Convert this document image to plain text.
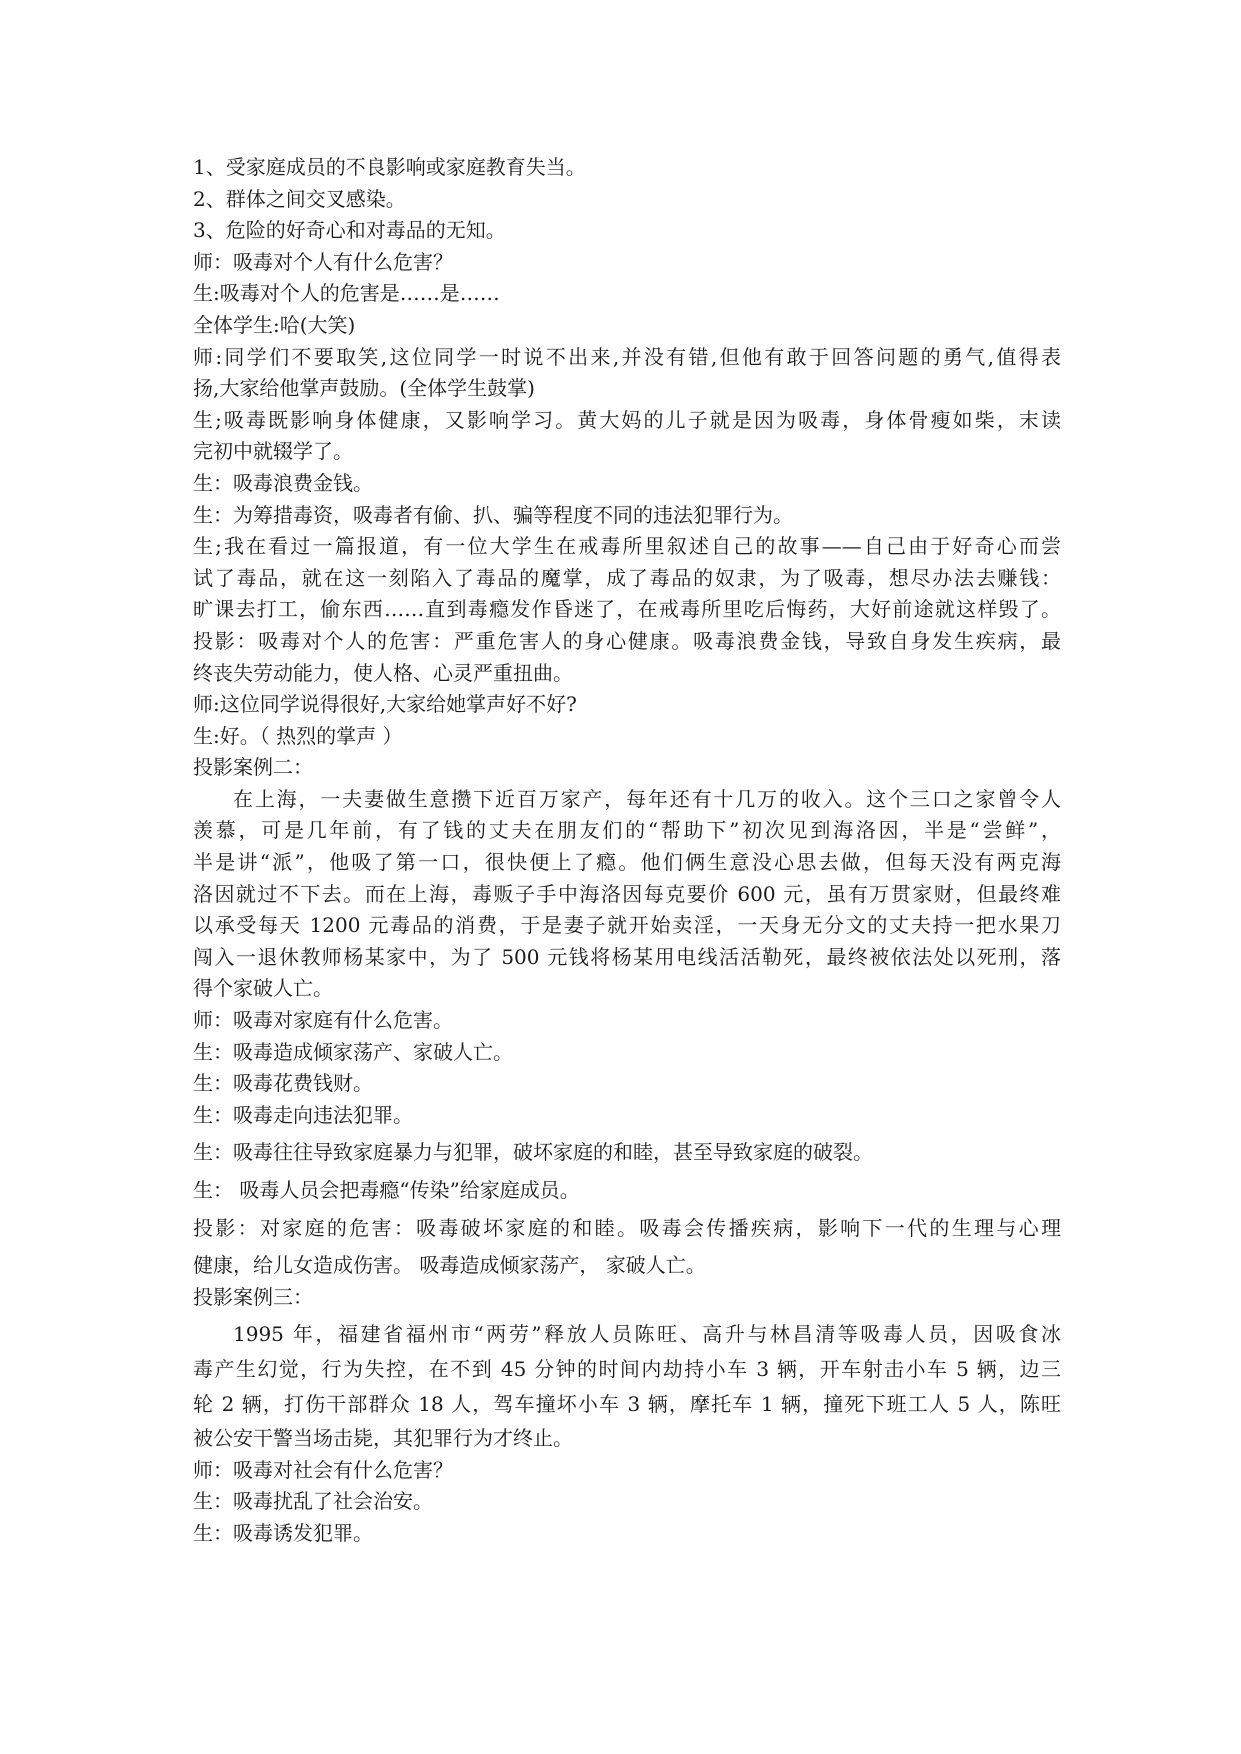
1、受家庭成员的不良影响或家庭教育失当。

2、群体之间交叉感染。

3、危险的好奇心和对毒品的无知。

师：吸毒对个人有什么危害？

生:吸毒对个人的危害是……是……

全体学生:哈(大笑)

师:同学们不要取笑,这位同学一时说不出来,并没有错,但他有敢于回答问题的勇气,值得表

扬,大家给他掌声鼓励。(全体学生鼓掌)

生;吸毒既影响身体健康，又影响学习。黄大妈的儿子就是因为吸毒，身体骨瘦如柴，末读

完初中就辍学了。

生：吸毒浪费金钱。

生：为筹措毒资，吸毒者有偷、扒、骗等程度不同的违法犯罪行为。

生;我在看过一篇报道，有一位大学生在戒毒所里叙述自己的故事——自己由于好奇心而尝

试了毒品，就在这一刻陷入了毒品的魔掌，成了毒品的奴隶，为了吸毒，想尽办法去赚钱：

旷课去打工，偷东西……直到毒瘾发作昏迷了，在戒毒所里吃后悔药，大好前途就这样毁了。

投影：吸毒对个人的危害：严重危害人的身心健康。吸毒浪费金钱，导致自身发生疾病，最

终丧失劳动能力，使人格、心灵严重扭曲。

师:这位同学说得很好,大家给她掌声好不好?

生:好。（ 热烈的掌声 ）

投影案例二：

在上海，一夫妻做生意攒下近百万家产，每年还有十几万的收入。这个三口之家曾令人

羡慕，可是几年前，有了钱的丈夫在朋友们的“帮助下”初次见到海洛因，半是“尝鲜”，

半是讲“派”，他吸了第一口，很快便上了瘾。他们俩生意没心思去做，但每天没有两克海

洛因就过不下去。而在上海，毒贩子手中海洛因每克要价 600 元，虽有万贯家财，但最终难

以承受每天 1200 元毒品的消费，于是妻子就开始卖淫，一天身无分文的丈夫持一把水果刀

闯入一退休教师杨某家中，为了 500 元钱将杨某用电线活活勒死，最终被依法处以死刑，落

得个家破人亡。

师：吸毒对家庭有什么危害。

生：吸毒造成倾家荡产、家破人亡。

生：吸毒花费钱财。

生：吸毒走向违法犯罪。

生：吸毒往往导致家庭暴力与犯罪，破坏家庭的和睦，甚至导致家庭的破裂。

生： 吸毒人员会把毒瘾“传染”给家庭成员。

投影：对家庭的危害：吸毒破坏家庭的和睦。吸毒会传播疾病，影响下一代的生理与心理

健康，给儿女造成伤害。 吸毒造成倾家荡产， 家破人亡。

投影案例三：

1995 年，福建省福州市“两劳”释放人员陈旺、高升与林昌清等吸毒人员，因吸食冰

毒产生幻觉，行为失控，在不到 45 分钟的时间内劫持小车 3 辆，开车射击小车 5 辆，边三

轮 2 辆，打伤干部群众 18 人，驾车撞坏小车 3 辆，摩托车 1 辆，撞死下班工人 5 人，陈旺

被公安干警当场击毙，其犯罪行为才终止。

师：吸毒对社会有什么危害？

生：吸毒扰乱了社会治安。

生：吸毒诱发犯罪。
